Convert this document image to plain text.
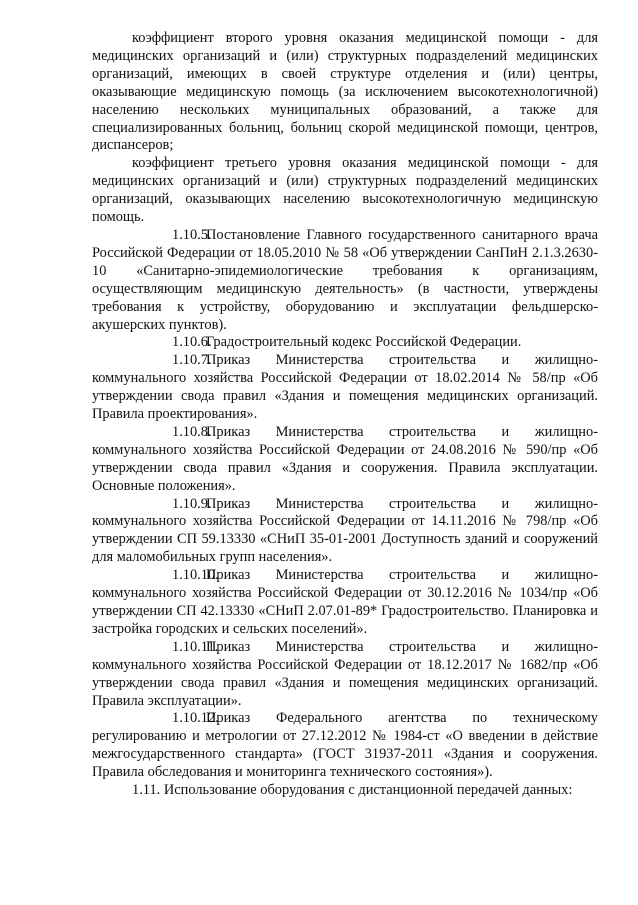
коэффициент второго уровня оказания медицинской помощи - для медицинских организаций и (или) структурных подразделений медицинских организаций, имеющих в своей структуре отделения и (или) центры, оказывающие медицинскую помощь (за исключением высокотехнологичной) населению нескольких муниципальных образований, а также для специализированных больниц, больниц скорой медицинской помощи, центров, диспансеров;

коэффициент третьего уровня оказания медицинской помощи - для медицинских организаций и (или) структурных подразделений медицинских организаций, оказывающих населению высокотехнологичную медицинскую помощь.

1.10.5.Постановление Главного государственного санитарного врача Российской Федерации от 18.05.2010 № 58 «Об утверждении СанПиН 2.1.3.2630-10 «Санитарно-эпидемиологические требования к организациям, осуществляющим медицинскую деятельность» (в частности, утверждены требования к устройству, оборудованию и эксплуатации фельдшерско-акушерских пунктов).

1.10.6.Градостроительный кодекс Российской Федерации.

1.10.7.Приказ Министерства строительства и жилищно-коммунального хозяйства Российской Федерации от 18.02.2014 № 58/пр «Об утверждении свода правил «Здания и помещения медицинских организаций. Правила проектирования».

1.10.8.Приказ Министерства строительства и жилищно-коммунального хозяйства Российской Федерации от 24.08.2016 № 590/пр «Об утверждении свода правил «Здания и сооружения. Правила эксплуатации. Основные положения».

1.10.9.Приказ Министерства строительства и жилищно-коммунального хозяйства Российской Федерации от 14.11.2016 № 798/пр «Об утверждении СП 59.13330 «СНиП 35-01-2001 Доступность зданий и сооружений для маломобильных групп населения».

1.10.10.Приказ Министерства строительства и жилищно-коммунального хозяйства Российской Федерации от 30.12.2016 № 1034/пр «Об утверждении СП 42.13330 «СНиП 2.07.01-89* Градостроительство. Планировка и застройка городских и сельских поселений».

1.10.11.Приказ Министерства строительства и жилищно-коммунального хозяйства Российской Федерации от 18.12.2017 № 1682/пр «Об утверждении свода правил «Здания и помещения медицинских организаций. Правила эксплуатации».

1.10.12.Приказ Федерального агентства по техническому регулированию и метрологии от 27.12.2012 № 1984-ст «О введении в действие межгосударственного стандарта» (ГОСТ 31937-2011 «Здания и сооружения. Правила обследования и мониторинга технического состояния»).

1.11. Использование оборудования с дистанционной передачей данных:
